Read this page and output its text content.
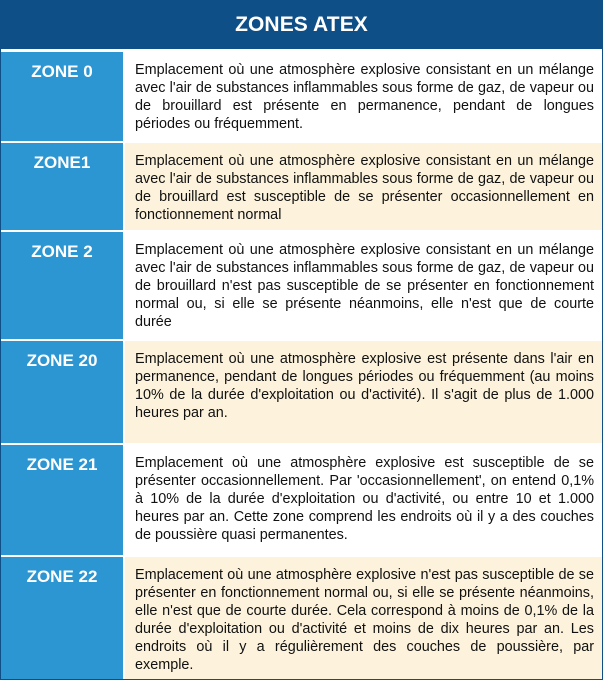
ZONES ATEX
ZONE 0	Emplacement où une atmosphère explosive consistant en un mélange avec l'air de substances inflammables sous forme de gaz, de vapeur ou de brouillard est présente en permanence, pendant de longues périodes ou fréquemment.
ZONE1	Emplacement où une atmosphère explosive consistant en un mélange avec l'air de substances inflammables sous forme de gaz, de vapeur ou de brouillard est susceptible de se présenter occasionnellement en fonctionnement normal
ZONE 2	Emplacement où une atmosphère explosive consistant en un mélange avec l'air de substances inflammables sous forme de gaz, de vapeur ou de brouillard n'est pas susceptible de se présenter en fonctionnement normal ou, si elle se présente néanmoins, elle n'est que de courte durée
ZONE 20	Emplacement où une atmosphère explosive est présente dans l'air en permanence, pendant de longues périodes ou fréquemment (au moins 10% de la durée d'exploitation ou d'activité). Il s'agit de plus de 1.000 heures par an.
ZONE 21	Emplacement où une atmosphère explosive est susceptible de se présenter occasionnellement. Par 'occasionnellement', on entend 0,1% à 10% de la durée d'exploitation ou d'activité, ou entre 10 et 1.000 heures par an. Cette zone comprend les endroits où il y a des couches de poussière quasi permanentes.
ZONE 22	Emplacement où une atmosphère explosive n'est pas susceptible de se présenter en fonctionnement normal ou, si elle se présente néanmoins, elle n'est que de courte durée. Cela correspond à moins de 0,1% de la durée d'exploitation ou d'activité et moins de dix heures par an. Les endroits où il y a régulièrement des couches de poussière, par exemple.
